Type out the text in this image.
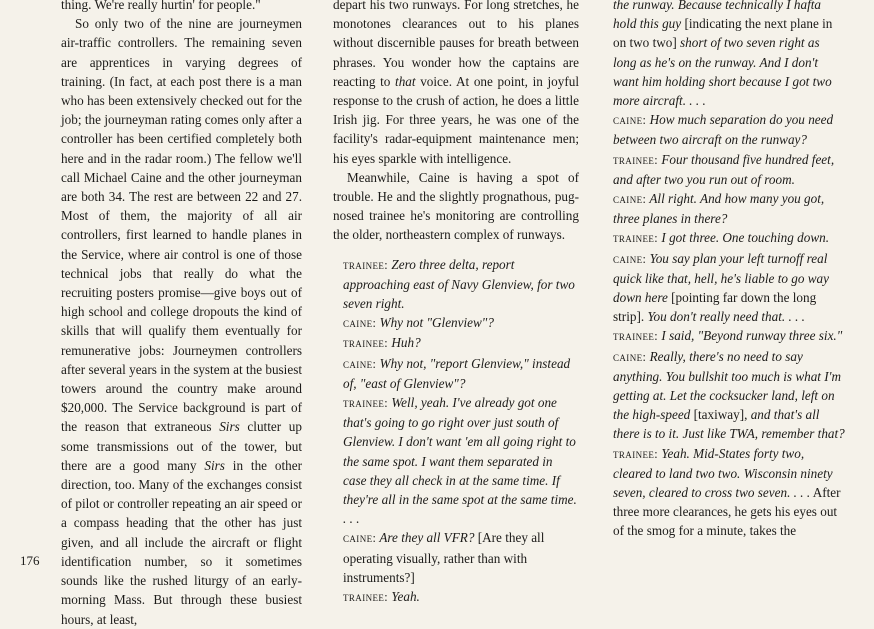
thing. We're really hurtin' for people."

So only two of the nine are journeymen air-traffic controllers. The remaining seven are apprentices in varying degrees of training. (In fact, at each post there is a man who has been extensively checked out for the job; the journeyman rating comes only after a controller has been certified completely both here and in the radar room.) The fellow we'll call Michael Caine and the other journeyman are both 34. The rest are between 22 and 27. Most of them, the majority of all air controllers, first learned to handle planes in the Service, where air control is one of those technical jobs that really do what the recruiting posters promise—give boys out of high school and college dropouts the kind of skills that will qualify them eventually for remunerative jobs: Journeymen controllers after several years in the system at the busiest towers around the country make around $20,000. The Service background is part of the reason that extraneous Sirs clutter up some transmissions out of the tower, but there are a good many Sirs in the other direction, too. Many of the exchanges consist of pilot or controller repeating an air speed or a compass heading that the other has just given, and all include the aircraft or flight identification number, so it sometimes sounds like the rushed liturgy of an early-morning Mass. But through these busiest hours, at least,

depart his two runways. For long stretches, he monotones clearances out to his planes without discernible pauses for breath between phrases. You wonder how the captains are reacting to that voice. At one point, in joyful response to the crush of action, he does a little Irish jig. For three years, he was one of the facility's radar-equipment maintenance men; his eyes sparkle with intelligence.

Meanwhile, Caine is having a spot of trouble. He and the slightly prognathous, pug-nosed trainee he's monitoring are controlling the older, northeastern complex of runways.

trainee: Zero three delta, report approaching east of Navy Glenview, for two seven right.

caine: Why not "Glenview"?

trainee: Huh?

caine: Why not, "report Glenview," instead of, "east of Glenview"?

trainee: Well, yeah. I've already got one that's going to go right over just south of Glenview. I don't want 'em all going right to the same spot. I want them separated in case they all check in at the same time. If they're all in the same spot at the same time. . . .

caine: Are they all VFR? [Are they all operating visually, rather than with instruments?]

trainee: Yeah.

the runway. Because technically I hafta hold this guy [indicating the next plane in on two two] short of two seven right as long as he's on the runway. And I don't want him holding short because I got two more aircraft. . . .

caine: How much separation do you need between two aircraft on the runway?

trainee: Four thousand five hundred feet, and after two you run out of room.

caine: All right. And how many you got, three planes in there?

trainee: I got three. One touching down.

caine: You say plan your left turnoff real quick like that, hell, he's liable to go way down here [pointing far down the long strip]. You don't really need that. . . .

trainee: I said, "Beyond runway three six."

caine: Really, there's no need to say anything. You bullshit too much is what I'm getting at. Let the cocksucker land, left on the high-speed [taxiway], and that's all there is to it. Just like TWA, remember that?

trainee: Yeah. Mid-States forty two, cleared to land two two. Wisconsin ninety seven, cleared to cross two seven. . . . After three more clearances, he gets his eyes out of the smog for a minute, takes the

176
